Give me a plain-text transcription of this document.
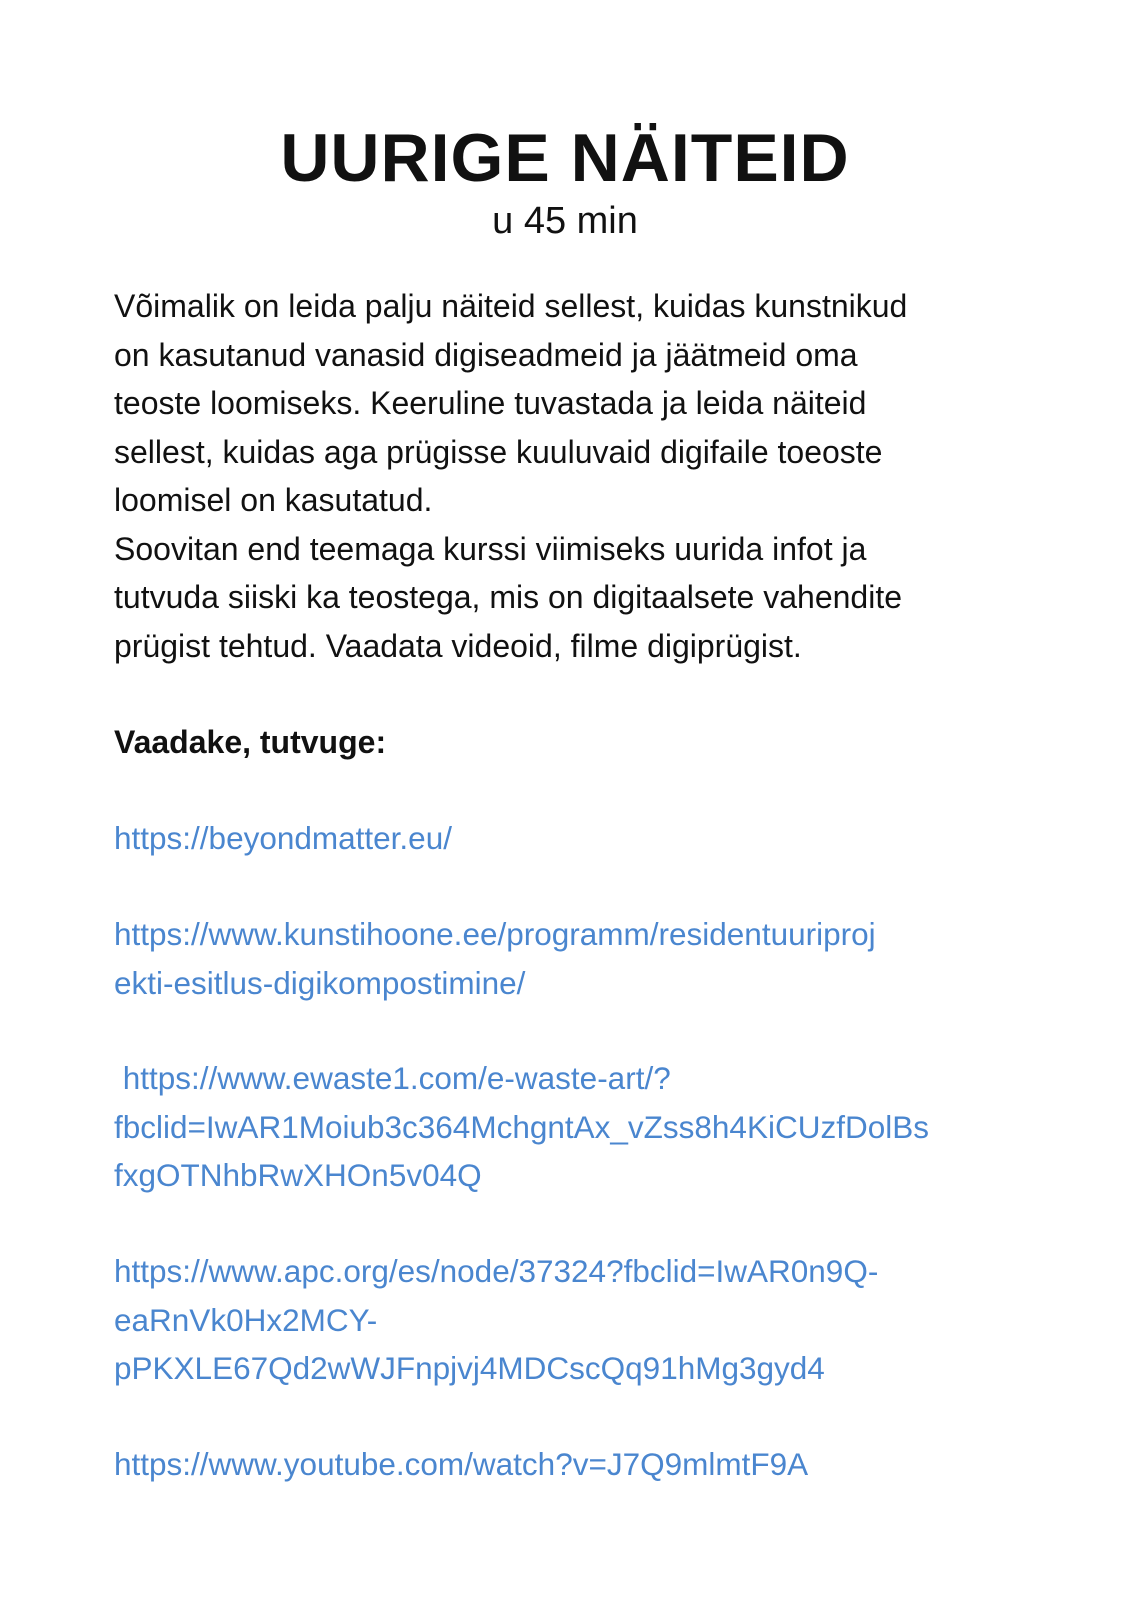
UURIGE NÄITEID
u 45 min

Võimalik on leida palju näiteid sellest, kuidas kunstnikud
on kasutanud vanasid digiseadmeid ja jäätmeid oma
teoste loomiseks. Keeruline tuvastada ja leida näiteid
sellest, kuidas aga prügisse kuuluvaid digifaile toeoste
loomisel on kasutatud.

Soovitan end teemaga kurssi viimiseks uurida infot ja
tutvuda siiski ka teostega, mis on digitaalsete vahendite
prügist tehtud. Vaadata videoid, filme digiprügist.

Vaadake, tutvuge:
https://beyondmatter.eu/
https://www.kunstihoone.ee/programm/residentuuriproj
ekti-esitlus-digikompostimine/
https://www.ewaste1.com/e-waste-art/?
fbclid=IwAR1Moiub3c364MchgntAx_vZss8h4KiCUzfDolBs
fxgOTNhbRwXHOn5v04Q
https://www.apc.org/es/node/37324?fbclid=IwAR0n9Q-
eaRnVk0Hx2MCY-
pPKXLE67Qd2wWJFnpjvj4MDCscQq91hMg3gyd4
https://www.youtube.com/watch?v=J7Q9mlmtF9A
